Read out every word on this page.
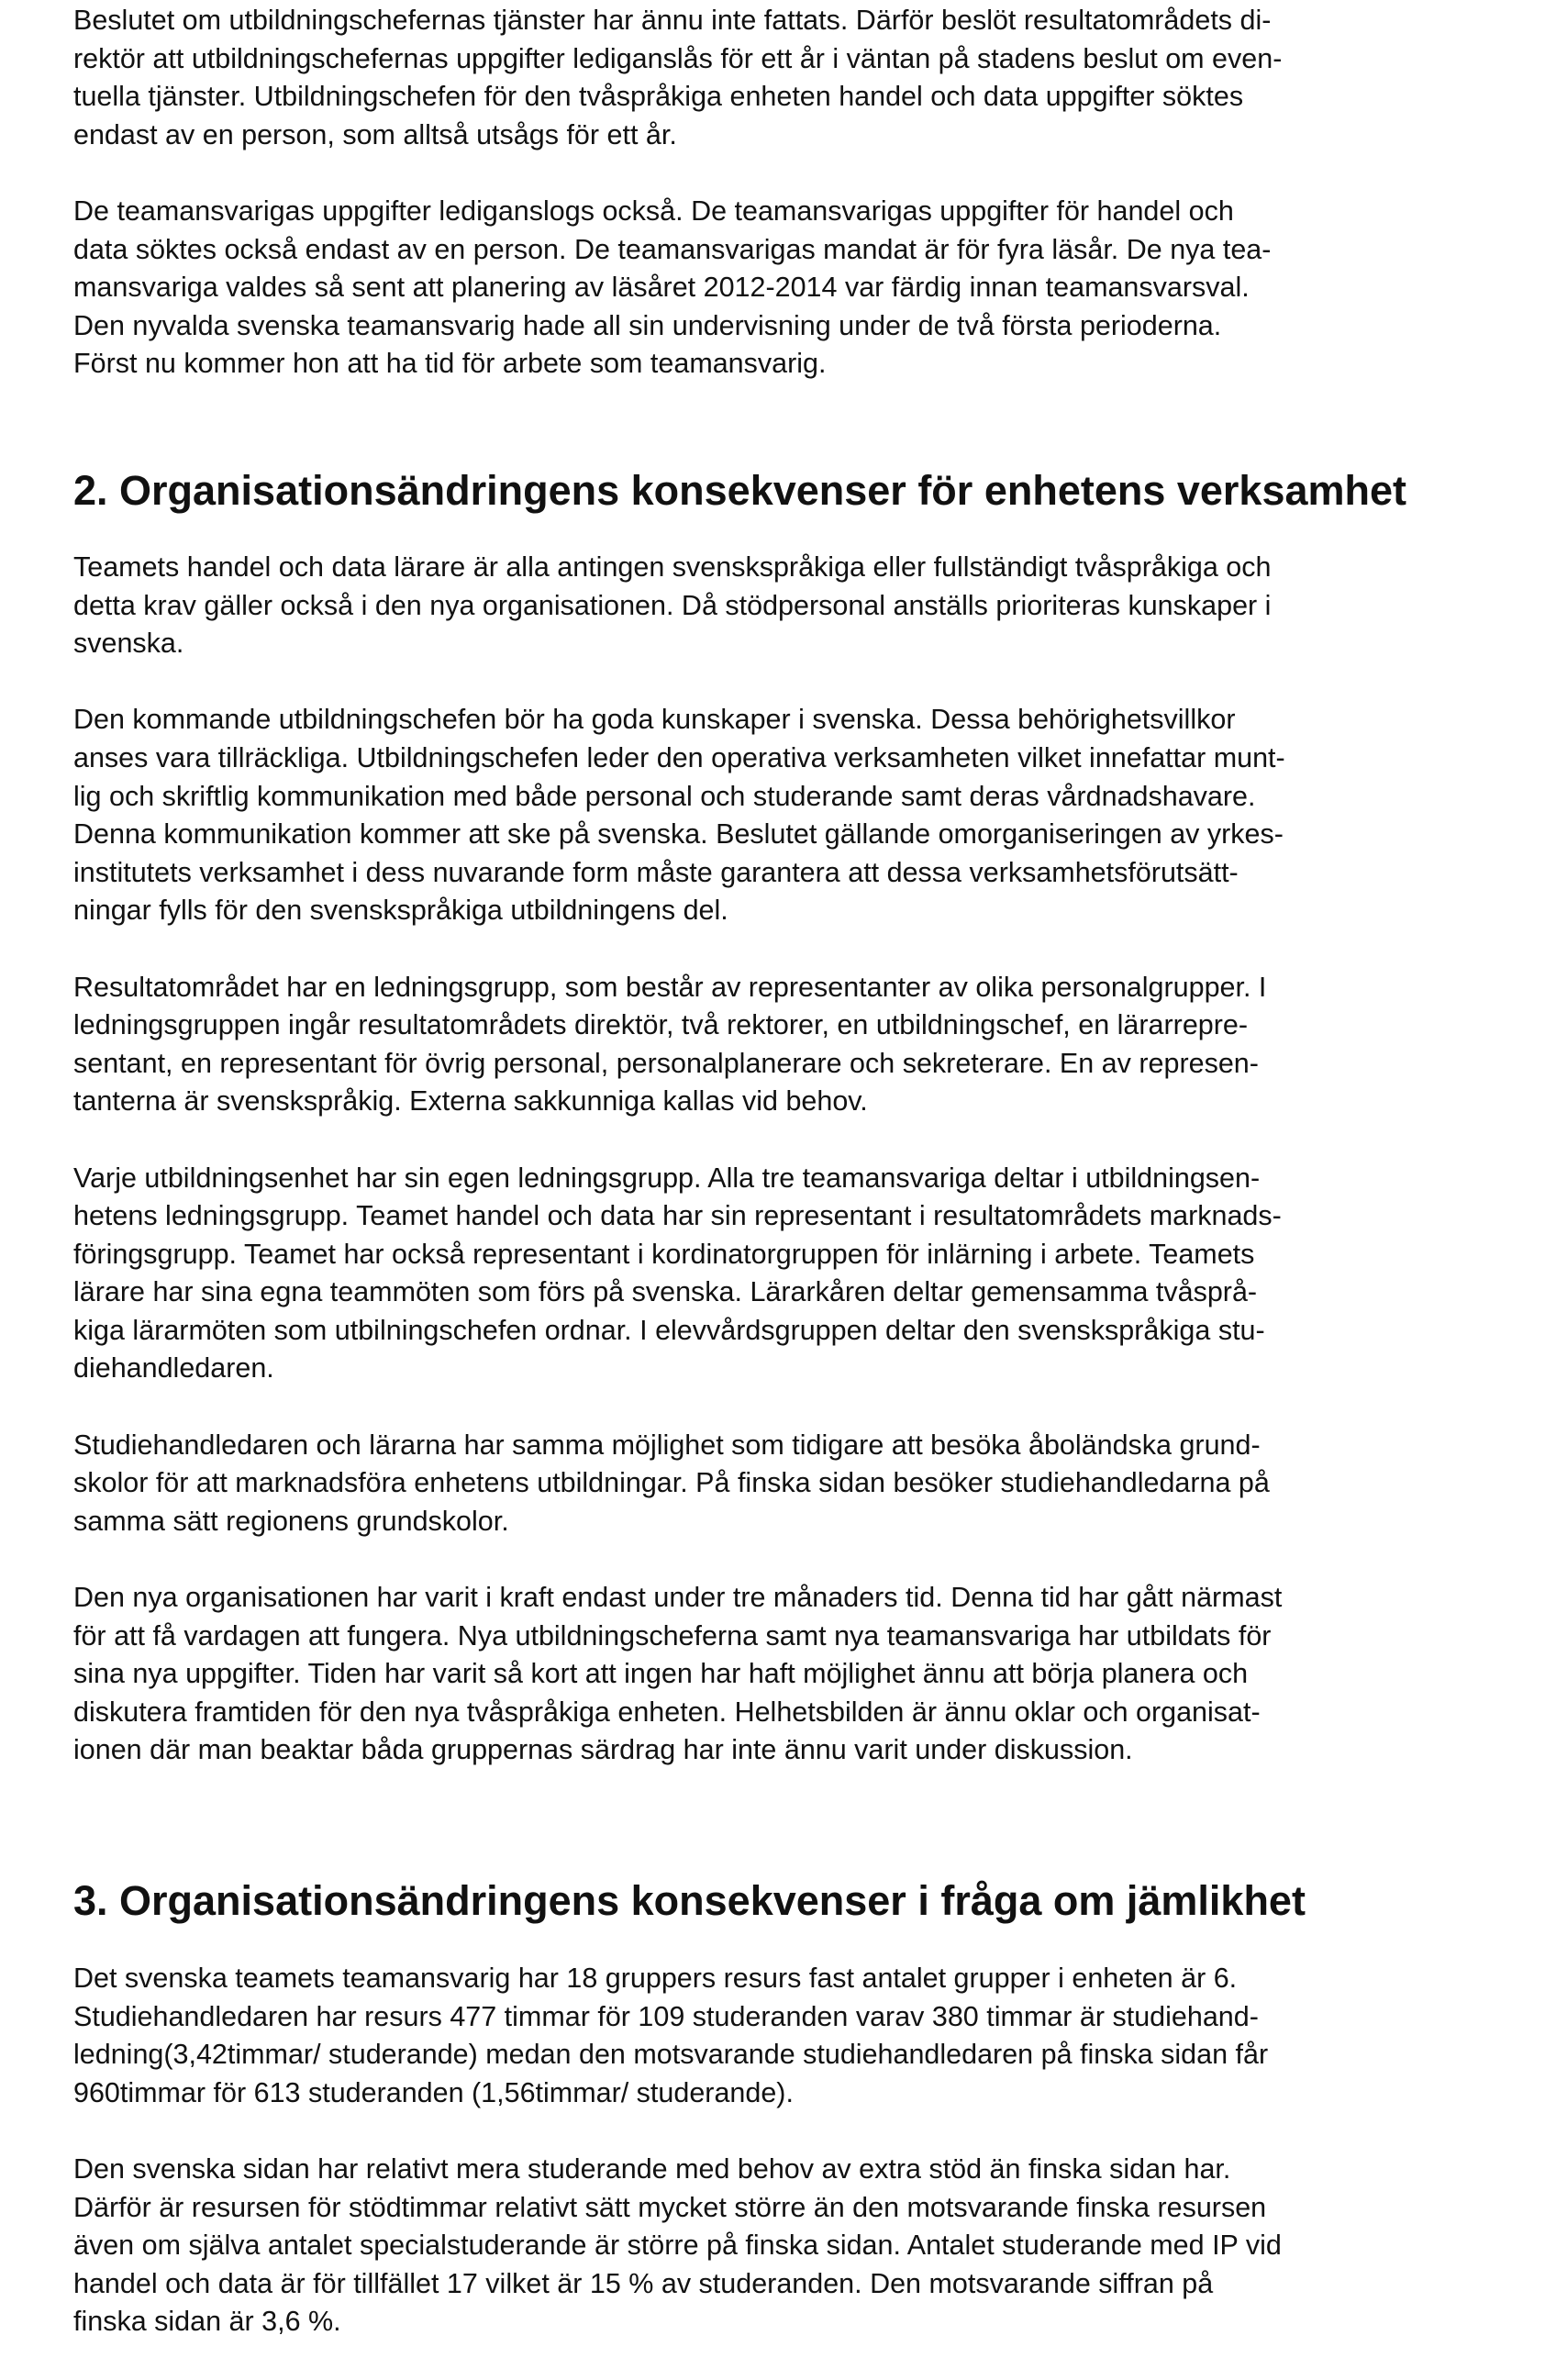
Beslutet om utbildningschefernas tjänster har ännu inte fattats. Därför beslöt resultatområdets di-
rektör att utbildningschefernas uppgifter lediganslås för ett år i väntan på stadens beslut om even-
tuella tjänster. Utbildningschefen för den tvåspråkiga enheten handel och data uppgifter söktes
endast av en person, som alltså utsågs för ett år.
De teamansvarigas uppgifter lediganslogs också. De teamansvarigas uppgifter för handel och
data söktes också endast av en person. De teamansvarigas mandat är för fyra läsår. De nya tea-
mansvariga valdes så sent att planering av läsåret 2012-2014 var färdig innan teamansvarsval.
Den nyvalda svenska teamansvarig hade all sin undervisning under de två första perioderna.
Först nu kommer hon att ha tid för arbete som teamansvarig.
2. Organisationsändringens konsekvenser för enhetens verksamhet
Teamets handel och data lärare är alla antingen svenskspråkiga eller fullständigt tvåspråkiga och
detta krav gäller också i den nya organisationen. Då stödpersonal anställs prioriteras kunskaper i
svenska.
Den kommande utbildningschefen bör ha goda kunskaper i svenska. Dessa behörighetsvillkor
anses vara tillräckliga. Utbildningschefen leder den operativa verksamheten vilket innefattar munt-
lig och skriftlig kommunikation med både personal och studerande samt deras vårdnadshavare.
Denna kommunikation kommer att ske på svenska. Beslutet gällande omorganiseringen av yrkes-
institutets verksamhet i dess nuvarande form måste garantera att dessa verksamhetsförutsätt-
ningar fylls för den svenskspråkiga utbildningens del.
Resultatområdet har en ledningsgrupp, som består av representanter av olika personalgrupper. I
ledningsgruppen ingår resultatområdets direktör, två rektorer, en utbildningschef, en lärarrepre-
sentant, en representant för övrig personal, personalplanerare och sekreterare. En av represen-
tanterna är svenskspråkig. Externa sakkunniga kallas vid behov.
Varje utbildningsenhet har sin egen ledningsgrupp. Alla tre teamansvariga deltar i utbildningsen-
hetens ledningsgrupp. Teamet handel och data har sin representant i resultatområdets marknads-
föringsgrupp. Teamet har också representant i kordinatorgruppen för inlärning i arbete. Teamets
lärare har sina egna teammöten som förs på svenska. Lärarkåren deltar gemensamma tvåsprå-
kiga lärarmöten som utbilningschefen ordnar. I elevvårdsgruppen deltar den svenskspråkiga stu-
diehandledaren.
Studiehandledaren och lärarna har samma möjlighet som tidigare att besöka åboländska grund-
skolor för att marknadsföra enhetens utbildningar. På finska sidan besöker studiehandledarna på
samma sätt regionens grundskolor.
Den nya organisationen har varit i kraft endast under tre månaders tid. Denna tid har gått närmast
för att få vardagen att fungera. Nya utbildningscheferna samt nya teamansvariga har utbildats för
sina nya uppgifter. Tiden har varit så kort att ingen har haft möjlighet ännu att börja planera och
diskutera framtiden för den nya tvåspråkiga enheten. Helhetsbilden är ännu oklar och organisat-
ionen där man beaktar båda gruppernas särdrag har inte ännu varit under diskussion.
3. Organisationsändringens konsekvenser i fråga om jämlikhet
Det svenska teamets teamansvarig har 18 gruppers resurs fast antalet grupper i enheten är 6.
Studiehandledaren har resurs 477 timmar för 109 studeranden varav 380 timmar är studiehand-
ledning(3,42timmar/ studerande) medan den motsvarande studiehandledaren på finska sidan får
960timmar för 613 studeranden (1,56timmar/ studerande).
Den svenska sidan har relativt mera studerande med behov av extra stöd än finska sidan har.
Därför är resursen för stödtimmar relativt sätt mycket större än den motsvarande finska resursen
även om själva antalet specialstuderande är större på finska sidan. Antalet studerande med IP vid
handel och data är för tillfället 17 vilket är 15 % av studeranden. Den motsvarande siffran på
finska sidan är 3,6 %.
